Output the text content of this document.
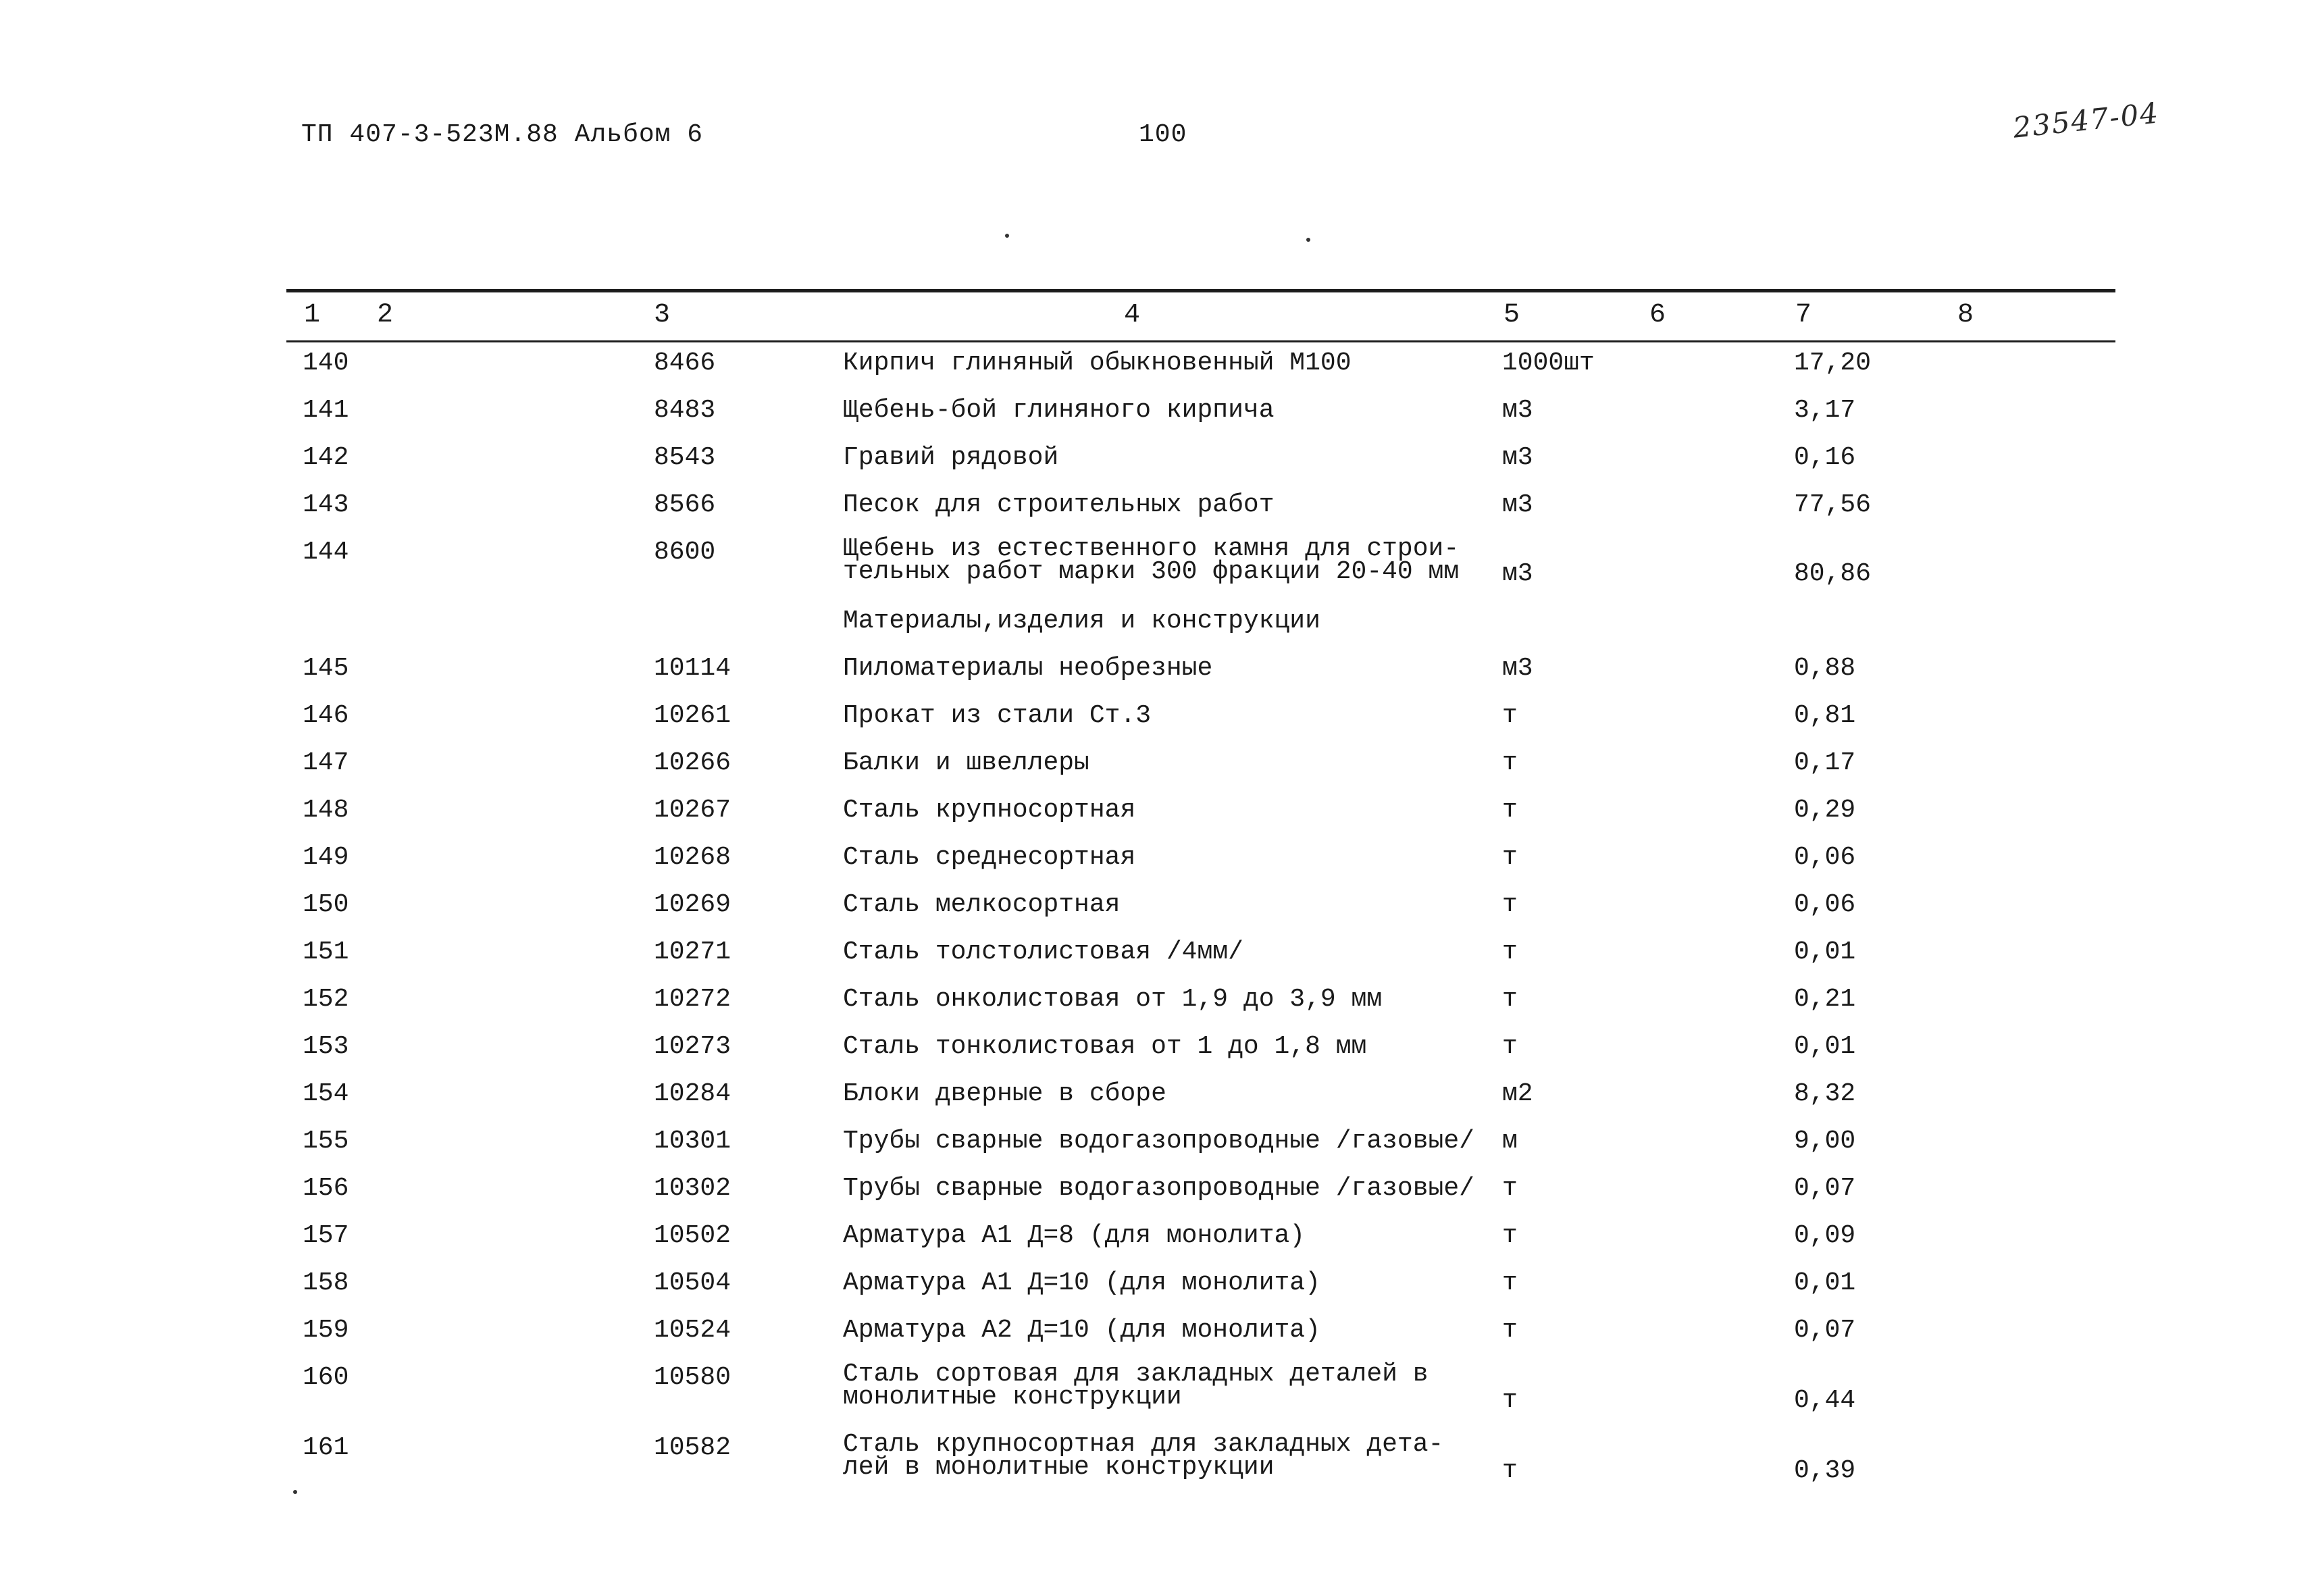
ТП 407-3-523М.88 Альбом 6	100	23547-04
1 2	3	4	5	6	7	8
140	8466	Кирпич глиняный обыкновенный М100	1000шт	17,20
141	8483	Щебень-бой глиняного кирпича	м3	3,17
142	8543	Гравий рядовой	м3	0,16
143	8566	Песок для строительных работ	м3	77,56
144	8600	Щебень из естественного камня для строи-
тельных работ марки 300 фракции 20-40 мм м3	80,86
Материалы,изделия и конструкции
145	10114	Пиломатериалы необрезные	м3	0,88
146	10261	Прокат из стали Ст.3	т	0,81
147	10266	Балки и швеллеры	т	0,17
148	10267	Сталь крупносортная	т	0,29
149	10268	Сталь среднесортная	т	0,06
150	10269	Сталь мелкосортная	т	0,06
151	10271	Сталь толстолистовая /4мм/	т	0,01
152	10272	Сталь онколистовая от 1,9 до 3,9 мм	т	0,21
153	10273	Сталь тонколистовая от 1 до 1,8 мм	т	0,01
154	10284	Блоки дверные в сборе	м2	8,32
155	10301	Трубы сварные водогазопроводные /газовые/ м	9,00
156	10302	Трубы сварные водогазопроводные /газовые/ т	0,07
157	10502	Арматура А1 Д=8 (для монолита)	т	0,09
158	10504	Арматура А1 Д=10 (для монолита)	т	0,01
159	10524	Арматура А2 Д=10 (для монолита)	т	0,07
160	10580	Сталь сортовая для закладных деталей в
монолитные конструкции	т	0,44
161	10582	Сталь крупносортная для закладных дета-
лей в монолитные конструкции	т	0,39
